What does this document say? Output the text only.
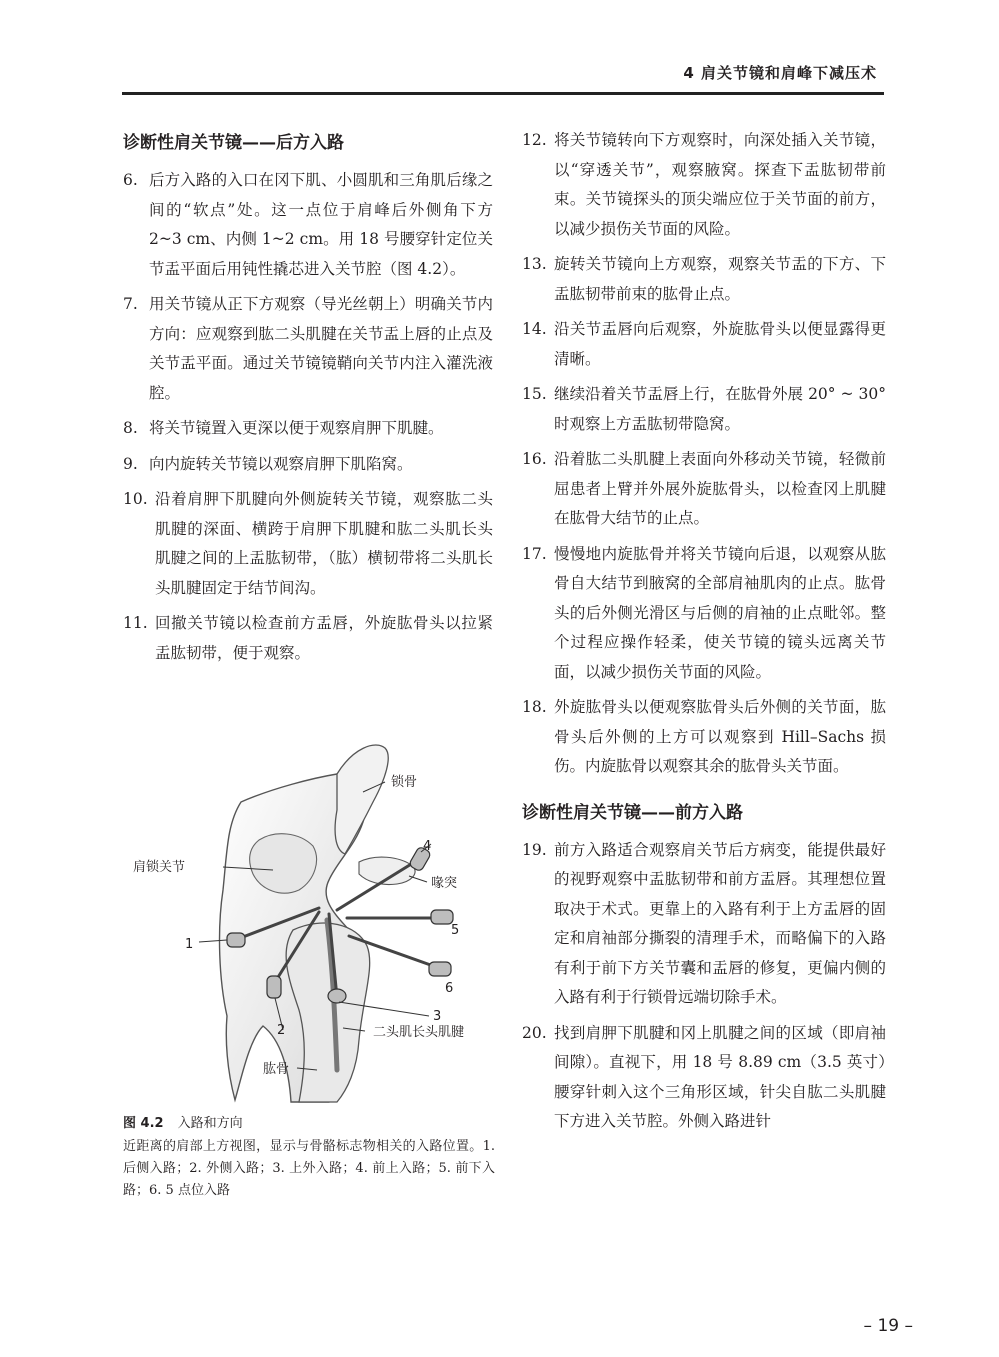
4 肩关节镜和肩峰下减压术
诊断性肩关节镜——后方入路
6. 后方入路的入口在冈下肌、小圆肌和三角肌后缘之间的“软点”处。这一点位于肩峰后外侧角下方 2~3 cm、内侧 1~2 cm。用 18 号腰穿针定位关节盂平面后用钝性撬芯进入关节腔（图 4.2）。
7. 用关节镜从正下方观察（导光丝朝上）明确关节内方向：应观察到肱二头肌腱在关节盂上唇的止点及关节盂平面。通过关节镜镜鞘向关节内注入灌洗液腔。
8. 将关节镜置入更深以便于观察肩胛下肌腱。
9. 向内旋转关节镜以观察肩胛下肌陷窝。
10. 沿着肩胛下肌腱向外侧旋转关节镜，观察肱二头肌腱的深面、横跨于肩胛下肌腱和肱二头肌长头肌腱之间的上盂肱韧带，（肱）横韧带将二头肌长头肌腱固定于结节间沟。
11. 回撤关节镜以检查前方盂唇，外旋肱骨头以拉紧盂肱韧带，便于观察。
锁骨
肩锁关节
喙突
二头肌长头肌腱
肱骨
1
2
3
4
5
6
图 4.2 入路和方向
近距离的肩部上方视图，显示与骨骼标志物相关的入路位置。1. 后侧入路；2. 外侧入路；3. 上外入路；4. 前上入路；5. 前下入路；6. 5 点位入路
12. 将关节镜转向下方观察时，向深处插入关节镜，以“穿透关节”，观察腋窝。探查下盂肱韧带前束。关节镜探头的顶尖端应位于关节面的前方，以减少损伤关节面的风险。
13. 旋转关节镜向上方观察，观察关节盂的下方、下盂肱韧带前束的肱骨止点。
14. 沿关节盂唇向后观察，外旋肱骨头以便显露得更清晰。
15. 继续沿着关节盂唇上行，在肱骨外展 20° ~ 30° 时观察上方盂肱韧带隐窝。
16. 沿着肱二头肌腱上表面向外移动关节镜，轻微前屈患者上臂并外展外旋肱骨头，以检查冈上肌腱在肱骨大结节的止点。
17. 慢慢地内旋肱骨并将关节镜向后退，以观察从肱骨自大结节到腋窝的全部肩袖肌肉的止点。肱骨头的后外侧光滑区与后侧的肩袖的止点毗邻。整个过程应操作轻柔，使关节镜的镜头远离关节面，以减少损伤关节面的风险。
18. 外旋肱骨头以便观察肱骨头后外侧的关节面，肱骨头后外侧的上方可以观察到 Hill–Sachs 损伤。内旋肱骨以观察其余的肱骨头关节面。
诊断性肩关节镜——前方入路
19. 前方入路适合观察肩关节后方病变，能提供最好的视野观察中盂肱韧带和前方盂唇。其理想位置取决于术式。更靠上的入路有利于上方盂唇的固定和肩袖部分撕裂的清理手术，而略偏下的入路有利于前下方关节囊和盂唇的修复，更偏内侧的入路有利于行锁骨远端切除手术。
20. 找到肩胛下肌腱和冈上肌腱之间的区域（即肩袖间隙）。直视下，用 18 号 8.89 cm（3.5 英寸）腰穿针刺入这个三角形区域，针尖自肱二头肌腱下方进入关节腔。外侧入路进针
– 19 –
